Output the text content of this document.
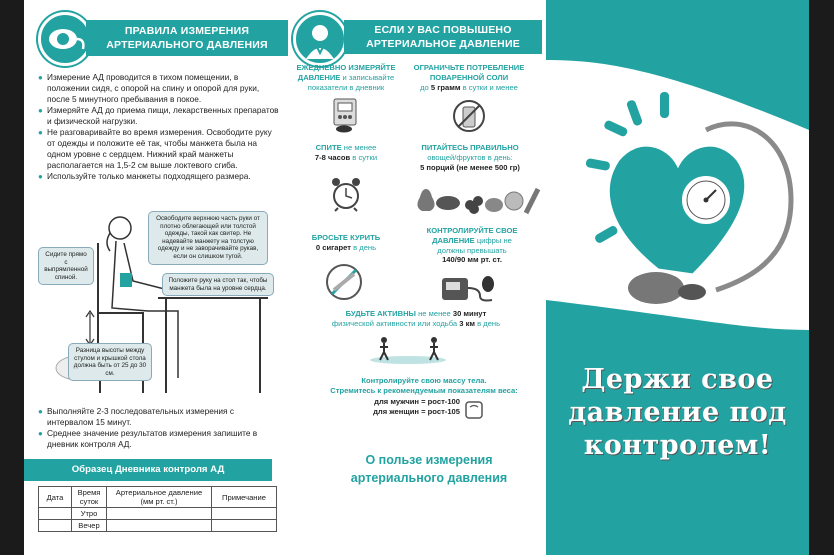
ПРАВИЛА ИЗМЕРЕНИЯ АРТЕРИАЛЬНОГО ДАВЛЕНИЯ
● Измерение АД проводится в тихом помещении, в положении сидя, с опорой на спину и опорой для руки, после 5 минутного пребывания в покое.
● Измеряйте АД до приема пищи, лекарственных препаратов и физической нагрузки.
● Не разговаривайте во время измерения. Освободите руку от одежды и положите её так, чтобы манжета была на одном уровне с сердцем. Нижний край манжеты располагается на 1,5-2 см выше локтевого сгиба.
● Используйте только манжеты подходящего размера.
Сидите прямо с выпрямленной спиной.
Освободите верхнюю часть руки от плотно облегающей или толстой одежды, такой как свитер. Не надевайте манжету на толстую одежду и не заворачивайте рукав, если он слишком тугой.
Положите руку на стол так, чтобы манжета была на уровне сердца.
Разница высоты между стулом и крышкой стола должна быть от 25 до 30 см.
● Выполняйте 2-3 последовательных измерения с интервалом 15 минут.
● Среднее значение результатов измерения запишите в дневник контроля АД.
Образец Дневника контроля АД
Дата	Время суток	Артериальное давление (мм рт. ст.)	Примечание
	Утро		
	Вечер		
ЕСЛИ У ВАС ПОВЫШЕНО АРТЕРИАЛЬНОЕ ДАВЛЕНИЕ
ЕЖЕДНЕВНО ИЗМЕРЯЙТЕ ДАВЛЕНИЕ и записывайте показатели в дневник
ОГРАНИЧЬТЕ ПОТРЕБЛЕНИЕ ПОВАРЕННОЙ СОЛИ
до 5 грамм в сутки и менее
СПИТЕ не менее
7-8 часов в сутки
ПИТАЙТЕСЬ ПРАВИЛЬНО
овощей/фруктов в день:
5 порций (не менее 500 гр)
БРОСЬТЕ КУРИТЬ
0 сигарет в день
КОНТРОЛИРУЙТЕ СВОЕ ДАВЛЕНИЕ цифры не должны превышать
140/90 мм рт. ст.
БУДЬТЕ АКТИВНЫ не менее 30 минут
физической активности или ходьба 3 км в день
Контролируйте свою массу тела.
Стремитесь к рекомендуемым показателям веса:
для мужчин = рост-100
для женщин = рост-105
О пользе измерения артериального давления
Держи свое давление под контролем!
